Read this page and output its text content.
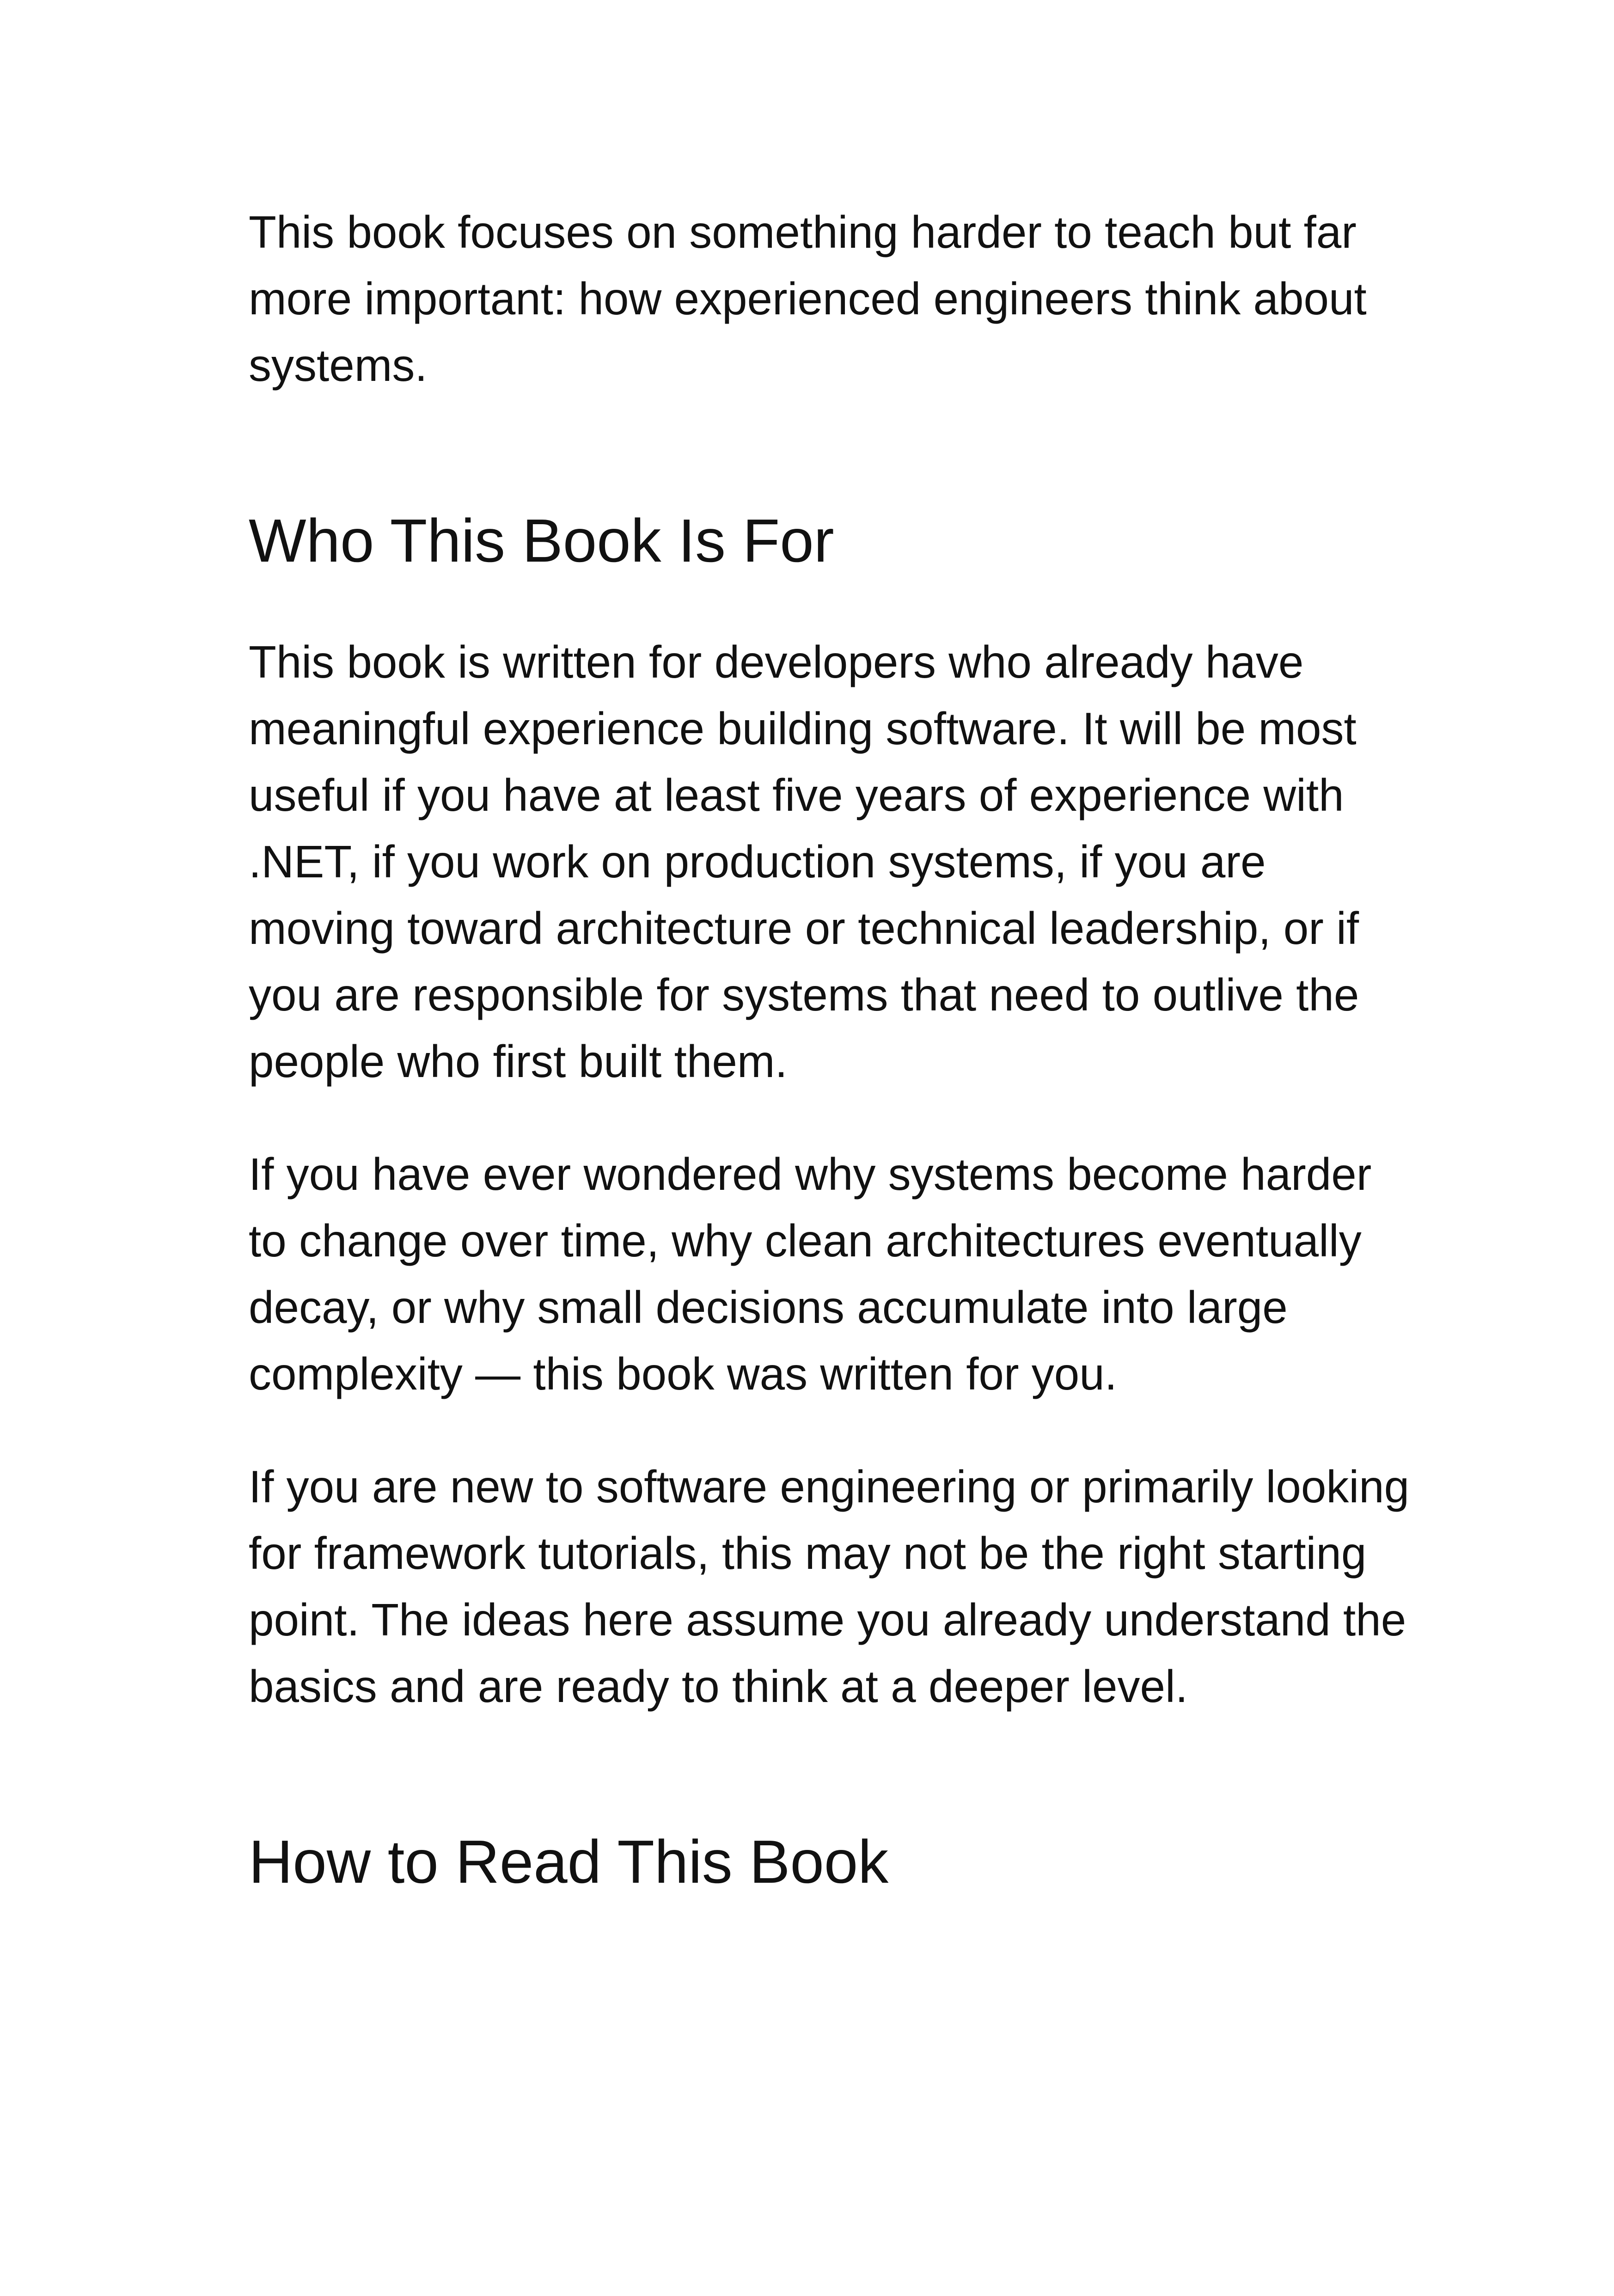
This book focuses on something harder to teach but far more important: how experienced engineers think about systems.

Who This Book Is For

This book is written for developers who already have meaningful experience building software. It will be most useful if you have at least five years of experience with .NET, if you work on production systems, if you are moving toward architecture or technical leadership, or if you are responsible for systems that need to outlive the people who first built them.

If you have ever wondered why systems become harder to change over time, why clean architectures eventually decay, or why small decisions accumulate into large complexity — this book was written for you.

If you are new to software engineering or primarily looking for framework tutorials, this may not be the right starting point. The ideas here assume you already understand the basics and are ready to think at a deeper level.

How to Read This Book
